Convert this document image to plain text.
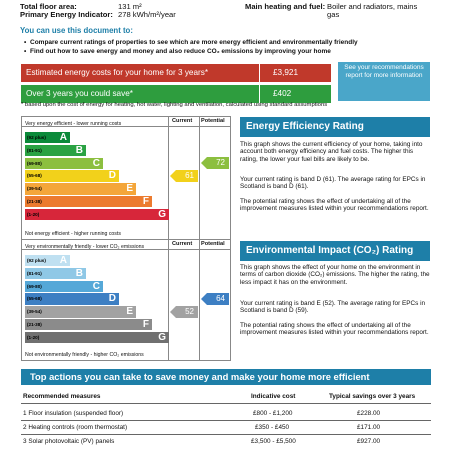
Total floor area:	131 m²
Primary Energy Indicator: 278 kWh/m²/year
Main heating and fuel: Boiler and radiators, mains gas
You can use this document to:
• Compare current ratings of properties to see which are more energy efficient and environmentally friendly
• Find out how to save energy and money and also reduce CO₂ emissions by improving your home
Estimated energy costs for your home for 3 years*	£3,921
Over 3 years you could save*	£402
See your recommendations report for more information
* based upon the cost of energy for heating, hot water, lighting and ventilation, calculated using standard assumptions
Current Potential
Very energy efficient - lower running costs
(92 plus) A
(81-91)	B
(69-80)	C
(55-68)	D
(39-54)	E
(21-38)	F
(1-20)	G
Not energy efficient - higher running costs
61
72
Current Potential
Very environmentally friendly - lower CO₂ emissions
(92 plus) A
(81-91)	B
(69-80)	C
(55-68)	D
(39-54)	E
(21-38)	F
(1-20)	G
Not environmentally friendly - higher CO₂ emissions
52
64
Energy Efficiency Rating
This graph shows the current efficiency of your home, taking into account both energy efficiency and fuel costs. The higher this rating, the lower your fuel bills are likely to be.
Your current rating is band D (61). The average rating for EPCs in Scotland is band D (61).
The potential rating shows the effect of undertaking all of the improvement measures listed within your recommendations report.
Environmental Impact (CO₂) Rating
This graph shows the effect of your home on the environment in terms of carbon dioxide (CO₂) emissions. The higher the rating, the less impact it has on the environment.
Your current rating is band E (52). The average rating for EPCs in Scotland is band D (59).
The potential rating shows the effect of undertaking all of the improvement measures listed within your recommendations report.
Top actions you can take to save money and make your home more efficient
Recommended measures	Indicative cost	Typical savings over 3 years
1 Floor insulation (suspended floor)	£800 - £1,200	£228.00
2 Heating controls (room thermostat)	£350 - £450	£171.00
3 Solar photovoltaic (PV) panels	£3,500 - £5,500	£927.00
